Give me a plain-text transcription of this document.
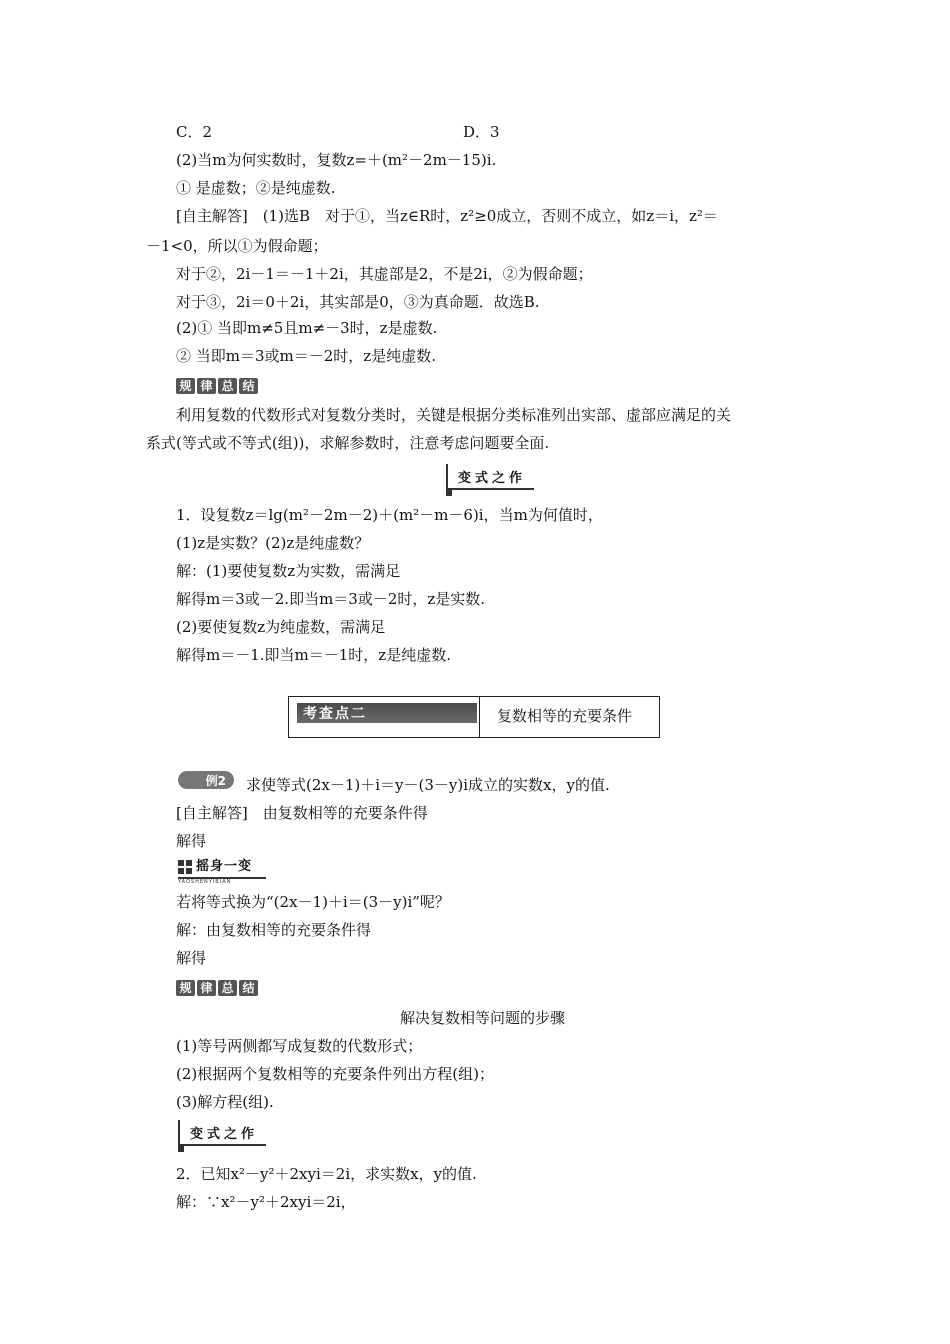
C．2	D．3
(2)当m为何实数时，复数z=＋(m²－2m－15)i.
① 是虚数；②是纯虚数.
[自主解答]　(1)选B　对于①，当z∈R时，z²≥0成立，否则不成立，如z＝i，z²＝
－1<0，所以①为假命题；
对于②，2i－1＝－1＋2i，其虚部是2，不是2i，②为假命题；
对于③，2i＝0＋2i，其实部是0，③为真命题．故选B.
(2)① 当即m≠5且m≠－3时，z是虚数.
② 当即m＝3或m＝－2时，z是纯虚数.
规 律 总 结
利用复数的代数形式对复数分类时，关键是根据分类标准列出实部、虚部应满足的关
系式(等式或不等式(组))，求解参数时，注意考虑问题要全面.
变式之作
1．设复数z＝lg(m²－2m－2)＋(m²－m－6)i，当m为何值时，
(1)z是实数？(2)z是纯虚数？
解：(1)要使复数z为实数，需满足
解得m＝3或－2.即当m＝3或－2时，z是实数.
(2)要使复数z为纯虚数，需满足
解得m＝－1.即当m＝－1时，z是纯虚数.
考查点二	复数相等的充要条件
例2 求使等式(2x－1)＋i＝y－(3－y)i成立的实数x，y的值.
[自主解答]　由复数相等的充要条件得
解得
摇身一变
YAOSHENYIBIAN
若将等式换为“(2x－1)＋i＝(3－y)i”呢？
解：由复数相等的充要条件得
解得
规 律 总 结
解决复数相等问题的步骤
(1)等号两侧都写成复数的代数形式；
(2)根据两个复数相等的充要条件列出方程(组)；
(3)解方程(组).
变式之作
2．已知x²－y²＋2xyi＝2i，求实数x，y的值.
解：∵x²－y²＋2xyi＝2i，
